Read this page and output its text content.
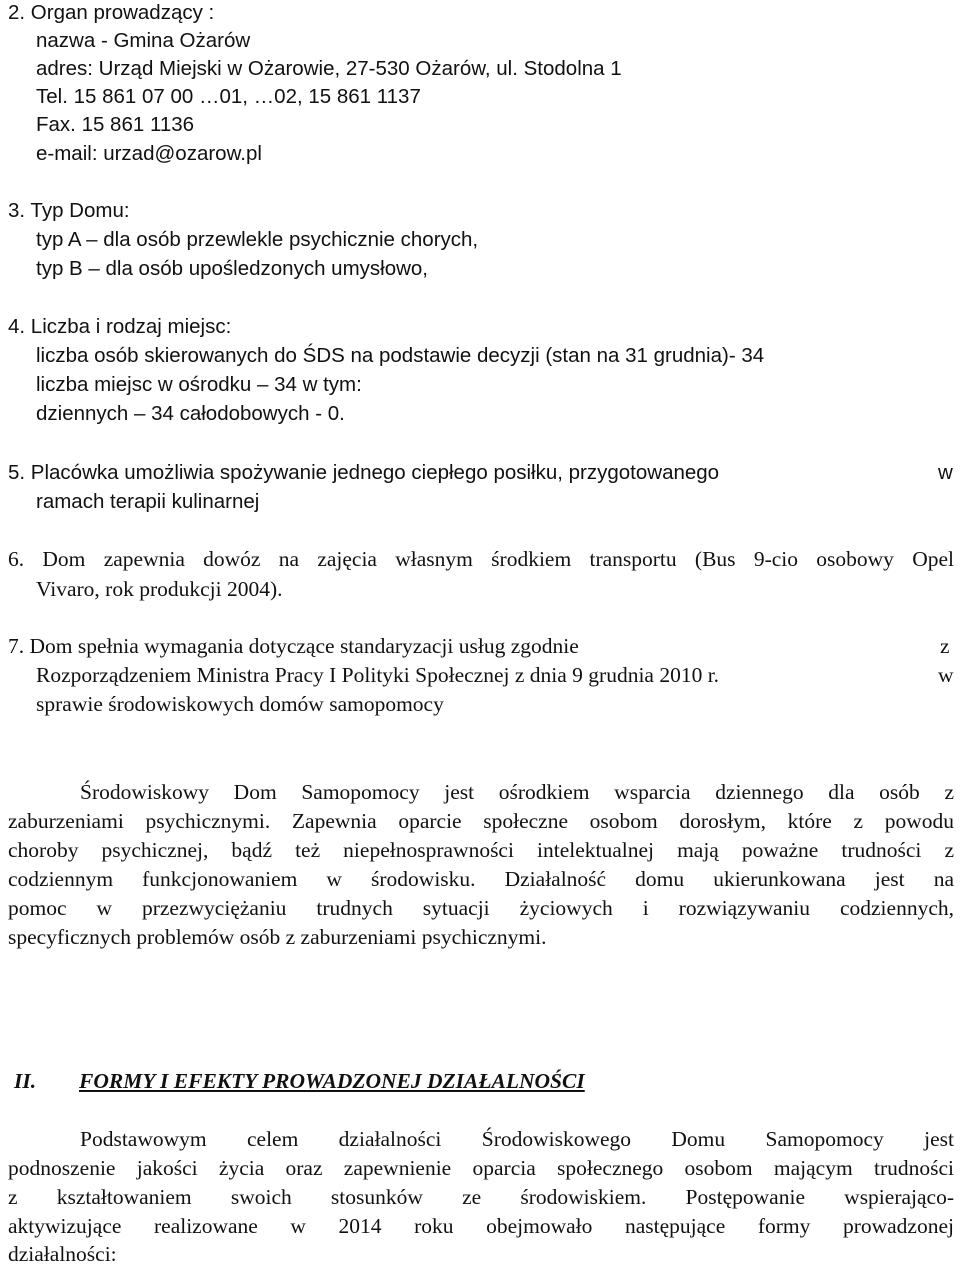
2. Organ prowadzący :
nazwa - Gmina Ożarów
adres: Urząd Miejski w Ożarowie, 27-530 Ożarów, ul. Stodolna 1
Tel. 15 861 07 00 …01, …02, 15 861 1137
Fax. 15 861 1136
e-mail: urzad@ozarow.pl
3. Typ Domu:
typ A – dla osób przewlekle psychicznie chorych,
typ B – dla osób upośledzonych umysłowo,
4. Liczba i rodzaj miejsc:
liczba osób skierowanych do ŚDS na podstawie decyzji (stan na 31 grudnia)- 34
liczba miejsc w ośrodku – 34 w tym:
dziennych – 34 całodobowych - 0.
5. Placówka umożliwia spożywanie jednego ciepłego posiłku, przygotowanego	w
ramach terapii kulinarnej
6. Dom zapewnia dowóz na zajęcia własnym środkiem transportu (Bus 9-cio osobowy Opel
Vivaro, rok produkcji 2004).
7. Dom spełnia wymagania dotyczące standaryzacji usług zgodnie	z
Rozporządzeniem Ministra Pracy I Polityki Społecznej z dnia 9 grudnia 2010 r.	w
sprawie środowiskowych domów samopomocy
Środowiskowy Dom Samopomocy jest ośrodkiem wsparcia dziennego dla osób z
zaburzeniami psychicznymi. Zapewnia oparcie społeczne osobom dorosłym, które z powodu
choroby psychicznej, bądź też niepełnosprawności intelektualnej mają poważne trudności z
codziennym funkcjonowaniem w środowisku. Działalność domu ukierunkowana jest na
pomoc w przezwyciężaniu trudnych sytuacji życiowych i rozwiązywaniu codziennych,
specyficznych problemów osób z zaburzeniami psychicznymi.
II. FORMY I EFEKTY PROWADZONEJ DZIAŁALNOŚCI
Podstawowym celem działalności Środowiskowego Domu Samopomocy jest
podnoszenie jakości życia oraz zapewnienie oparcia społecznego osobom mającym trudności
z kształtowaniem swoich stosunków ze środowiskiem. Postępowanie wspierająco-
aktywizujące realizowane w 2014 roku obejmowało następujące formy prowadzonej
działalności:
